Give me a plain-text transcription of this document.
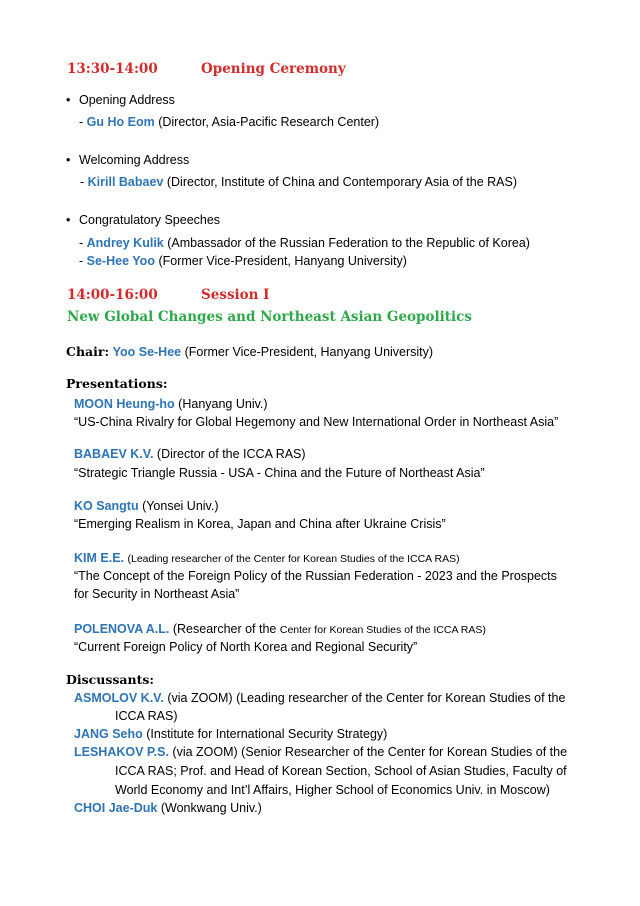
13:30-14:00	Opening Ceremony
• Opening Address
- Gu Ho Eom (Director, Asia-Pacific Research Center)
• Welcoming Address
- Kirill Babaev (Director, Institute of China and Contemporary Asia of the RAS)
• Congratulatory Speeches
- Andrey Kulik (Ambassador of the Russian Federation to the Republic of Korea)
- Se-Hee Yoo (Former Vice-President, Hanyang University)
14:00-16:00	Session I
New Global Changes and Northeast Asian Geopolitics
Chair: Yoo Se-Hee (Former Vice-President, Hanyang University)
Presentations:
MOON Heung-ho (Hanyang Univ.)
“US-China Rivalry for Global Hegemony and New International Order in Northeast Asia”
BABAEV K.V. (Director of the ICCA RAS)
“Strategic Triangle Russia - USA - China and the Future of Northeast Asia”
KO Sangtu (Yonsei Univ.)
“Emerging Realism in Korea, Japan and China after Ukraine Crisis”
KIM E.E. (Leading researcher of the Center for Korean Studies of the ICCA RAS)
“The Concept of the Foreign Policy of the Russian Federation - 2023 and the Prospects
for Security in Northeast Asia”
POLENOVA A.L. (Researcher of the Center for Korean Studies of the ICCA RAS)
“Current Foreign Policy of North Korea and Regional Security”
Discussants:
ASMOLOV K.V. (via ZOOM) (Leading researcher of the Center for Korean Studies of the
ICCA RAS)
JANG Seho (Institute for International Security Strategy)
LESHAKOV P.S. (via ZOOM) (Senior Researcher of the Center for Korean Studies of the
ICCA RAS; Prof. and Head of Korean Section, School of Asian Studies, Faculty of
World Economy and Int’l Affairs, Higher School of Economics Univ. in Moscow)
CHOI Jae-Duk (Wonkwang Univ.)
